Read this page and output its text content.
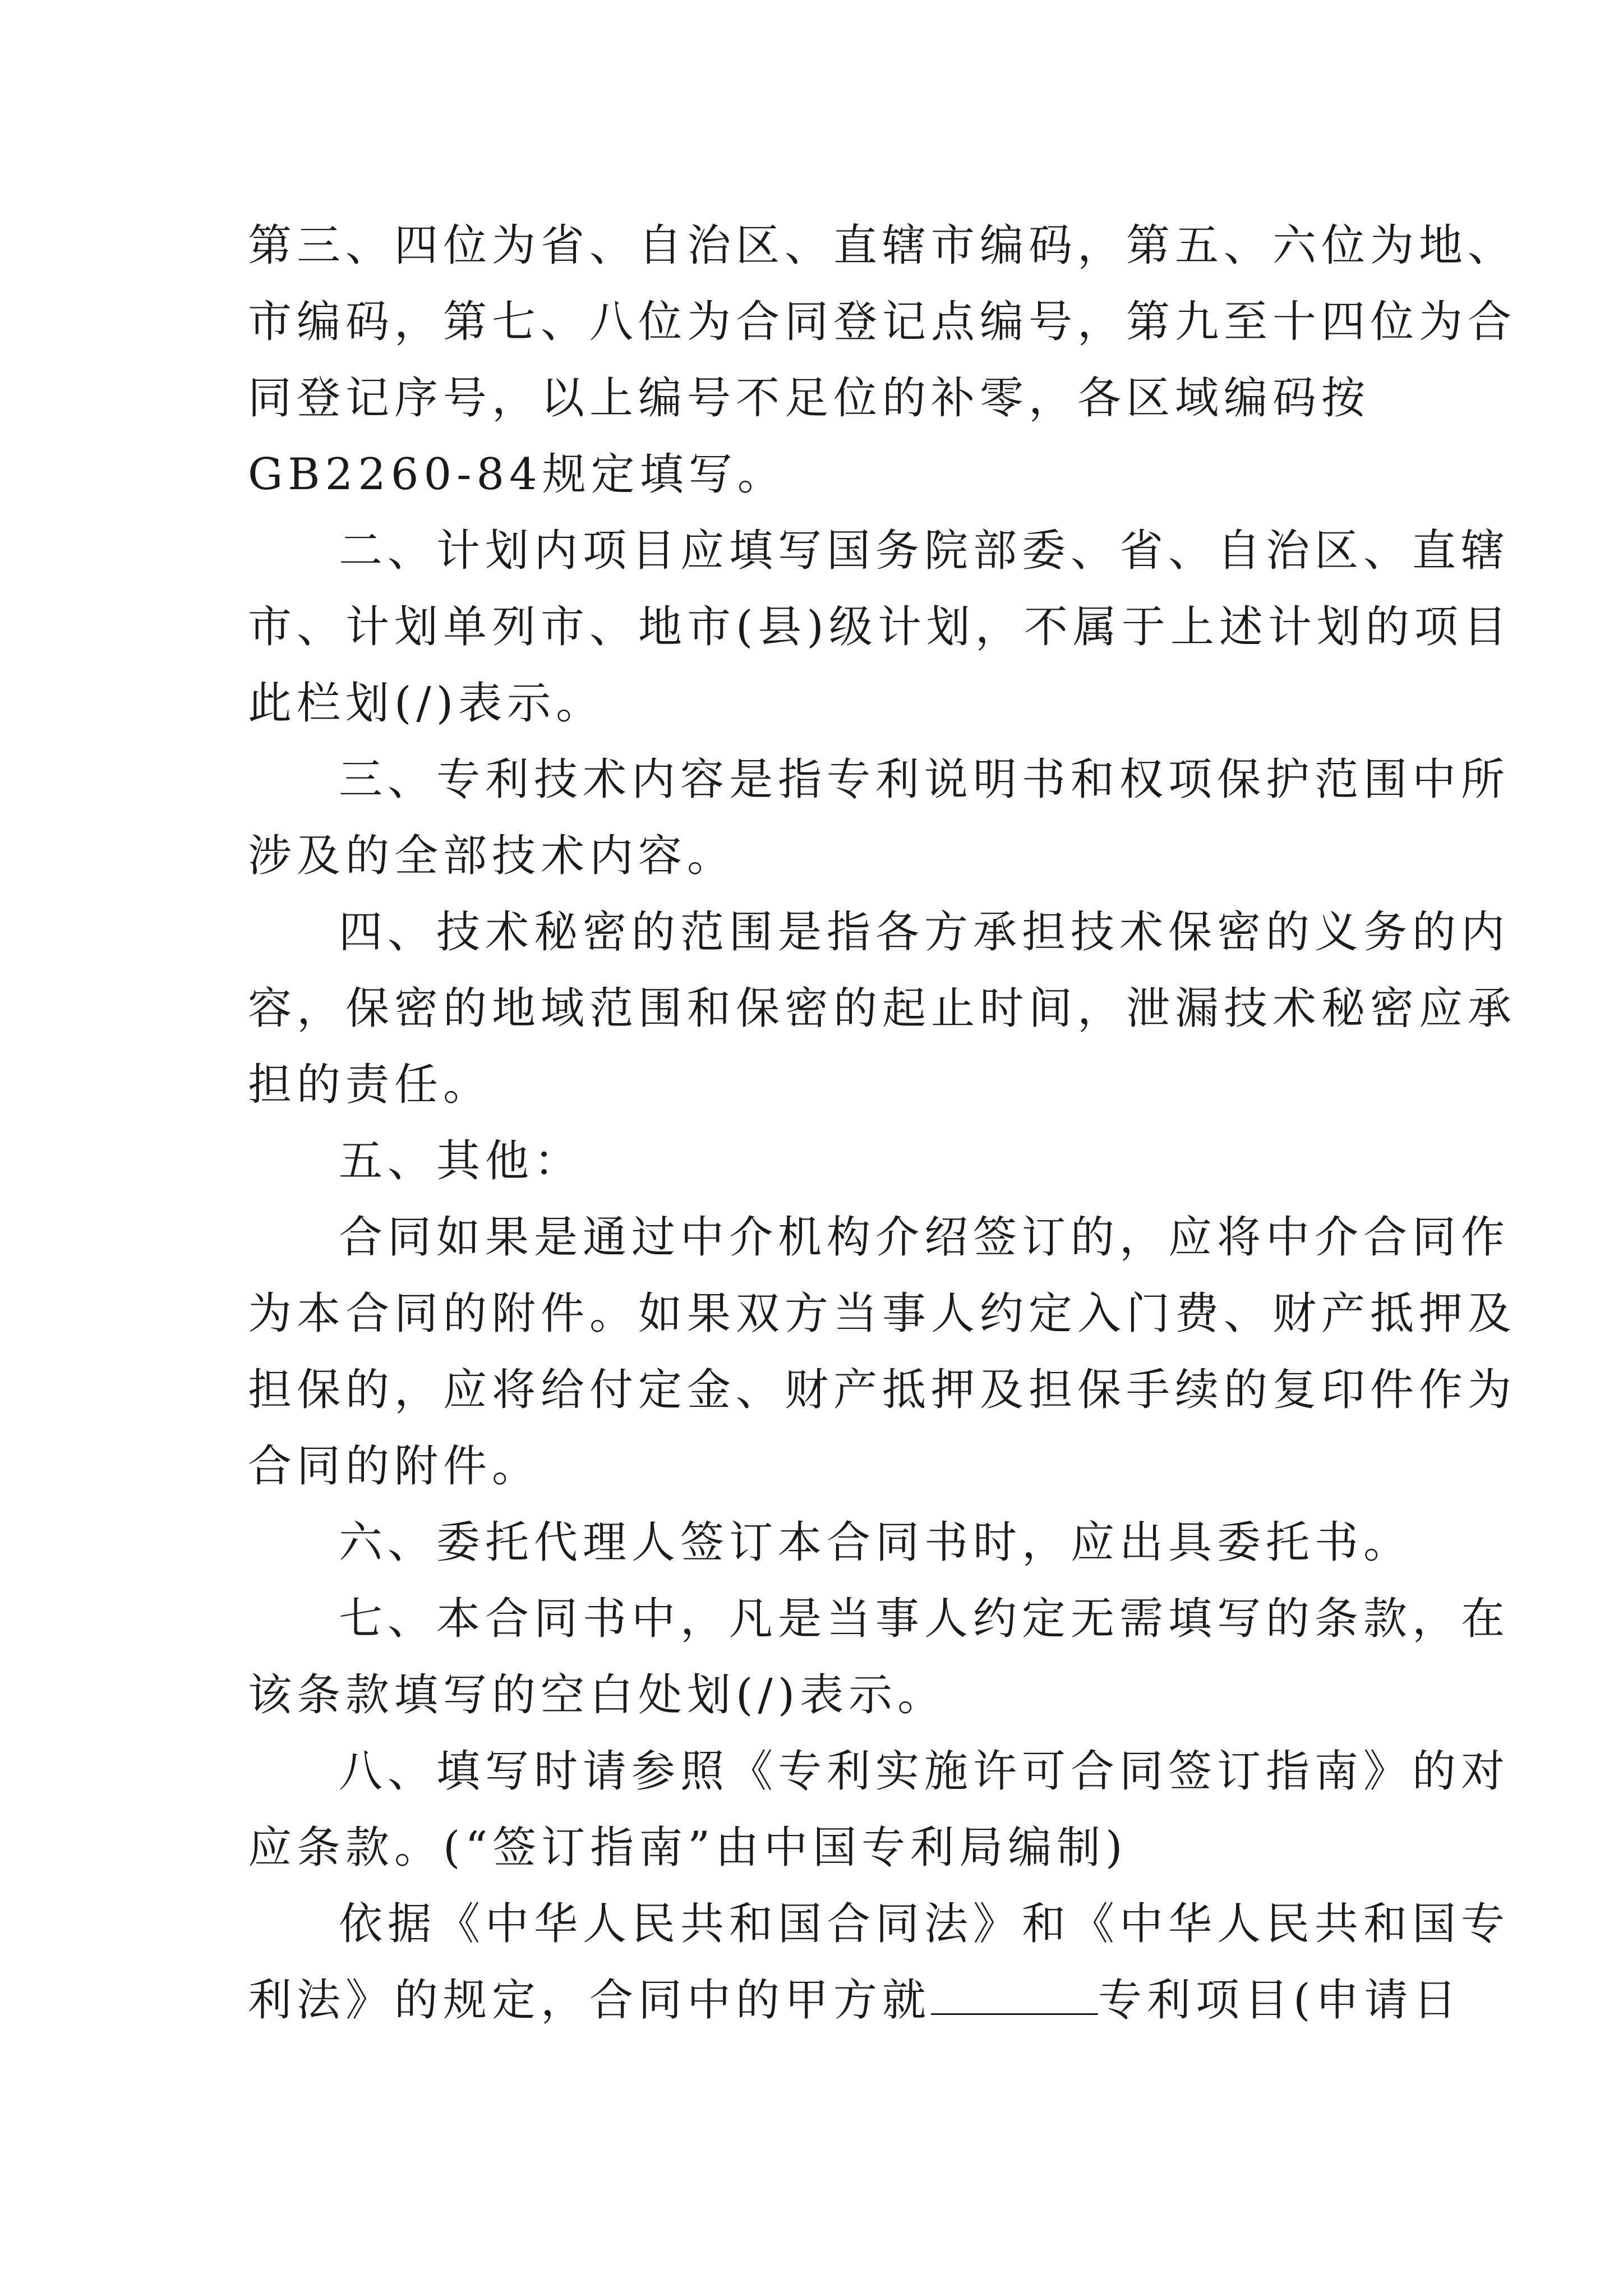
第三、四位为省、自治区、直辖市编码，第五、六位为地、
市编码，第七、八位为合同登记点编号，第九至十四位为合
同登记序号，以上编号不足位的补零，各区域编码按
GB2260-84规定填写。
二、计划内项目应填写国务院部委、省、自治区、直辖
市、计划单列市、地市(县)级计划，不属于上述计划的项目
此栏划(/)表示。
三、专利技术内容是指专利说明书和权项保护范围中所
涉及的全部技术内容。
四、技术秘密的范围是指各方承担技术保密的义务的内
容，保密的地域范围和保密的起止时间，泄漏技术秘密应承
担的责任。
五、其他：
合同如果是通过中介机构介绍签订的，应将中介合同作
为本合同的附件。如果双方当事人约定入门费、财产抵押及
担保的，应将给付定金、财产抵押及担保手续的复印件作为
合同的附件。
六、委托代理人签订本合同书时，应出具委托书。
七、本合同书中，凡是当事人约定无需填写的条款，在
该条款填写的空白处划(/)表示。
八、填写时请参照《专利实施许可合同签订指南》的对
应条款。(“签订指南”由中国专利局编制)
依据《中华人民共和国合同法》和《中华人民共和国专
利法》的规定，合同中的甲方就	专利项目(申请日
